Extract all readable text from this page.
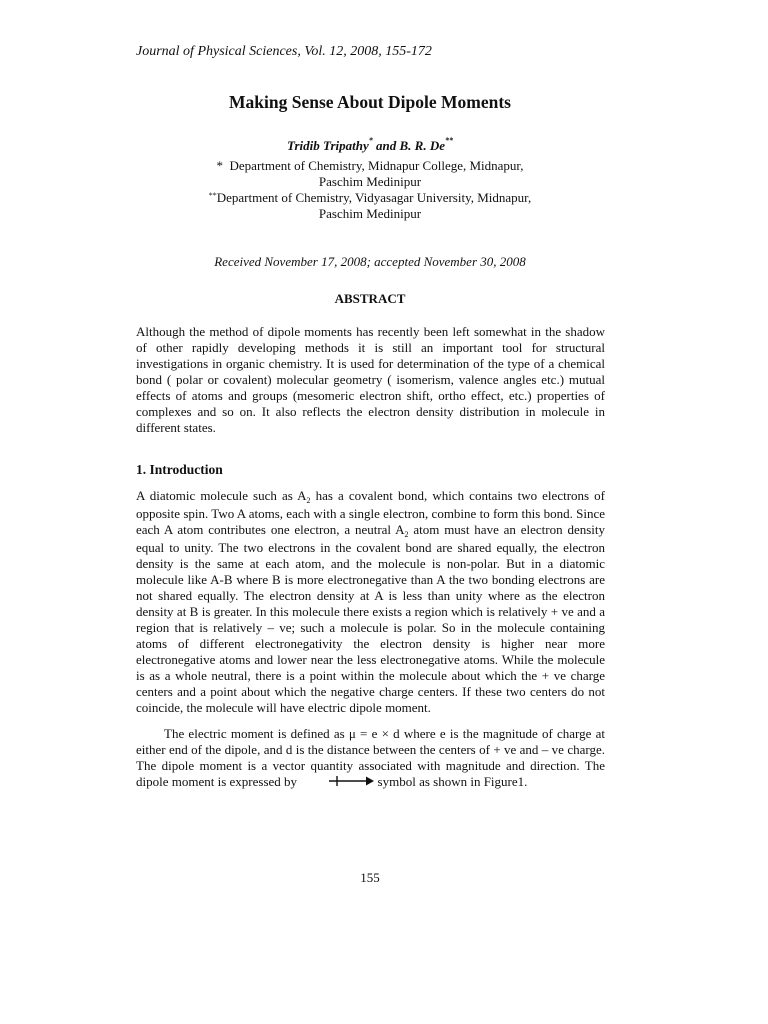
Journal of Physical Sciences, Vol. 12, 2008, 155-172
Making Sense About Dipole Moments
Tridib Tripathy* and B. R. De**
* Department of Chemistry, Midnapur College, Midnapur,
Paschim Medinipur
**Department of Chemistry, Vidyasagar University, Midnapur,
Paschim Medinipur
Received November 17, 2008; accepted November 30, 2008
ABSTRACT
Although the method of dipole moments has recently been left somewhat in the shadow of other rapidly developing methods it is still an important tool for structural investigations in organic chemistry. It is used for determination of the type of a chemical bond ( polar or covalent) molecular geometry ( isomerism, valence angles etc.) mutual effects of atoms and groups (mesomeric electron shift, ortho effect, etc.) properties of complexes and so on. It also reflects the electron density distribution in molecule in different states.
1. Introduction
A diatomic molecule such as $A_2$ has a covalent bond, which contains two electrons of opposite spin. Two A atoms, each with a single electron, combine to form this bond. Since each A atom contributes one electron, a neutral $A_2$ atom must have an electron density equal to unity. The two electrons in the covalent bond are shared equally, the electron density is the same at each atom, and the molecule is non-polar. But in a diatomic molecule like A-B where B is more electronegative than A the two bonding electrons are not shared equally. The electron density at A is less than unity where as the electron density at B is greater. In this molecule there exists a region which is relatively + ve and a region that is relatively – ve; such a molecule is polar. So in the molecule containing atoms of different electronegativity the electron density is higher near more electronegative atoms and lower near the less electronegative atoms. While the molecule is as a whole neutral, there is a point within the molecule about which the + ve charge centers and a point about which the negative charge centers. If these two centers do not coincide, the molecule will have electric dipole moment.
The electric moment is defined as μ = e × d where e is the magnitude of charge at either end of the dipole, and d is the distance between the centers of + ve and – ve charge. The dipole moment is a vector quantity associated with magnitude and direction. The dipole moment is expressed by	symbol as shown in Figure1.
155
